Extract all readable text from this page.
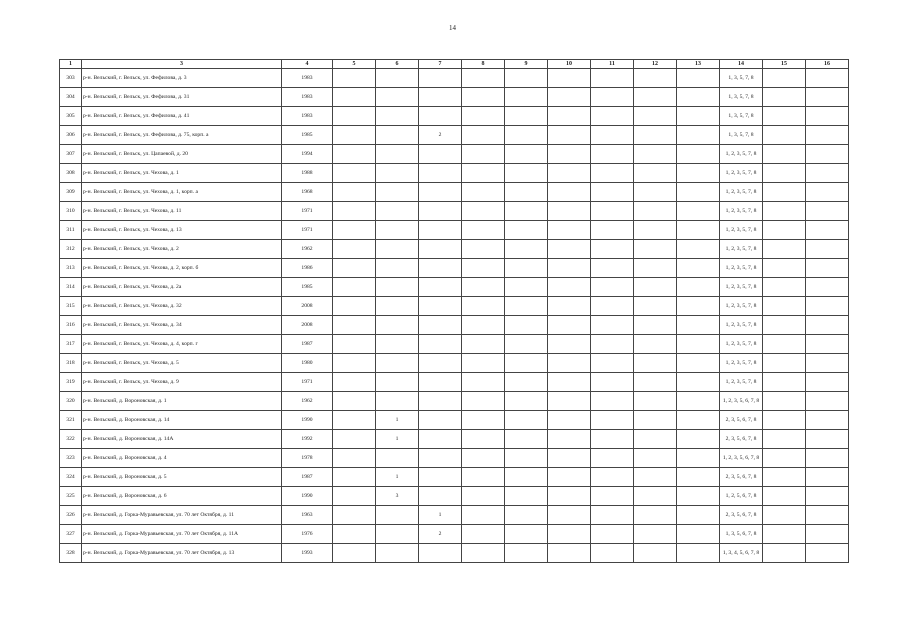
14
1	3	4	5	6	7	8	9	10	11	12	13	14	15	16
303	р-н. Вельский, г. Вельск, ул. Фефилова, д. 3	1983										1, 3, 5, 7, 8		
304	р-н. Вельский, г. Вельск, ул. Фефилова, д. 31	1983										1, 3, 5, 7, 8		
305	р-н. Вельский, г. Вельск, ул. Фефилова, д. 41	1983										1, 3, 5, 7, 8		
306	р-н. Вельский, г. Вельск, ул. Фефилова, д. 75, корп. а	1985			2							1, 3, 5, 7, 8		
307	р-н. Вельский, г. Вельск, ул. Цапаевой, д. 20	1994										1, 2, 3, 5, 7, 8		
308	р-н. Вельский, г. Вельск, ул. Чехова, д. 1	1988										1, 2, 3, 5, 7, 8		
309	р-н. Вельский, г. Вельск, ул. Чехова, д. 1, корп. а	1968										1, 2, 3, 5, 7, 8		
310	р-н. Вельский, г. Вельск, ул. Чехова, д. 11	1971										1, 2, 3, 5, 7, 8		
311	р-н. Вельский, г. Вельск, ул. Чехова, д. 13	1971										1, 2, 3, 5, 7, 8		
312	р-н. Вельский, г. Вельск, ул. Чехова, д. 2	1962										1, 2, 3, 5, 7, 8		
313	р-н. Вельский, г. Вельск, ул. Чехова, д. 2, корп. б	1986										1, 2, 3, 5, 7, 8		
314	р-н. Вельский, г. Вельск, ул. Чехова, д. 2а	1985										1, 2, 3, 5, 7, 8		
315	р-н. Вельский, г. Вельск, ул. Чехова, д. 32	2008										1, 2, 3, 5, 7, 8		
316	р-н. Вельский, г. Вельск, ул. Чехова, д. 34	2008										1, 2, 3, 5, 7, 8		
317	р-н. Вельский, г. Вельск, ул. Чехова, д. 4, корп. г	1987										1, 2, 3, 5, 7, 8		
318	р-н. Вельский, г. Вельск, ул. Чехова, д. 5	1980										1, 2, 3, 5, 7, 8		
319	р-н. Вельский, г. Вельск, ул. Чехова, д. 9	1971										1, 2, 3, 5, 7, 8		
320	р-н. Вельский, д. Вороновская, д. 1	1962										1, 2, 3, 5, 6, 7, 8		
321	р-н. Вельский, д. Вороновская, д. 14	1990		1								2, 3, 5, 6, 7, 8		
322	р-н. Вельский, д. Вороновская, д. 14А	1992		1								2, 3, 5, 6, 7, 8		
323	р-н. Вельский, д. Вороновская, д. 4	1978										1, 2, 3, 5, 6, 7, 8		
324	р-н. Вельский, д. Вороновская, д. 5	1987		1								2, 3, 5, 6, 7, 8		
325	р-н. Вельский, д. Вороновская, д. 6	1990		3								1, 2, 5, 6, 7, 8		
326	р-н. Вельский, д. Горка-Муравьевская, ул. 70 лет Октября, д. 11	1963			1							2, 3, 5, 6, 7, 8		
327	р-н. Вельский, д. Горка-Муравьевская, ул. 70 лет Октября, д. 11А	1976			2							1, 3, 5, 6, 7, 8		
328	р-н. Вельский, д. Горка-Муравьевская, ул. 70 лет Октября, д. 13	1993										1, 3, 4, 5, 6, 7, 8		
